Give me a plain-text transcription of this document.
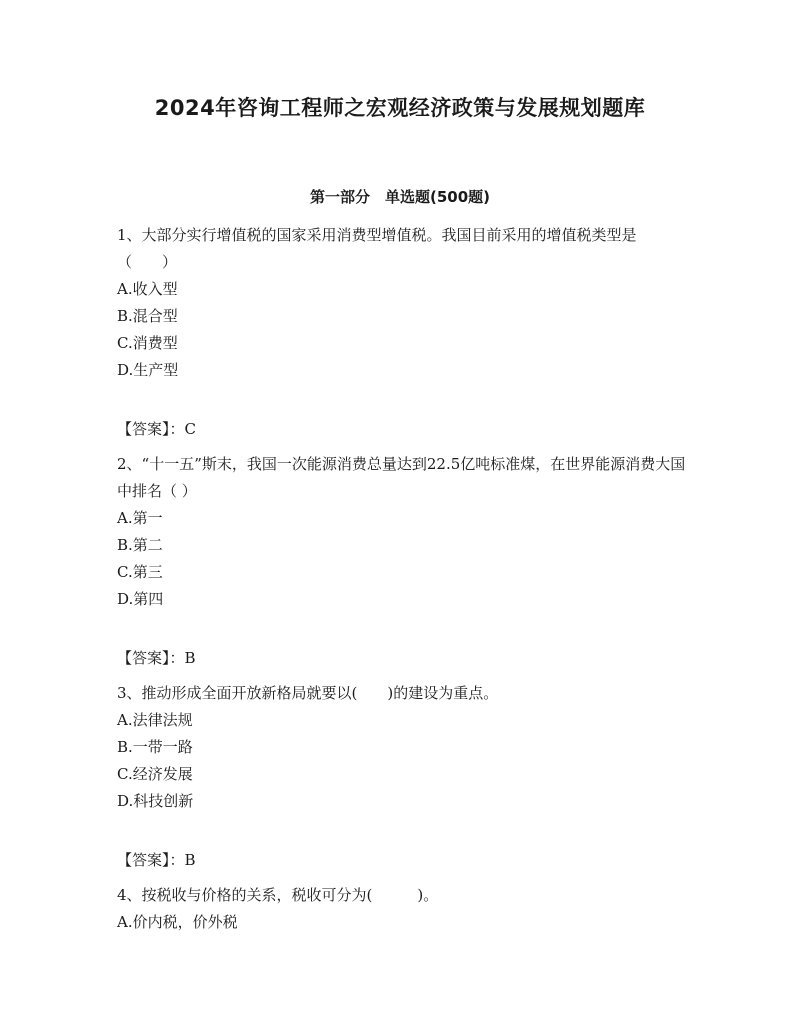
2024年咨询工程师之宏观经济政策与发展规划题库
第一部分　单选题(500题)
1、大部分实行增值税的国家采用消费型增值税。我国目前采用的增值税类型是（　　）
A.收入型
B.混合型
C.消费型
D.生产型
【答案】：C
2、“十一五”斯末，我国一次能源消费总量达到22.5亿吨标准煤，在世界能源消费大国中排名（ ）
A.第一
B.第二
C.第三
D.第四
【答案】：B
3、推动形成全面开放新格局就要以(　　)的建设为重点。
A.法律法规
B.一带一路
C.经济发展
D.科技创新
【答案】：B
4、按税收与价格的关系，税收可分为(　　　)。
A.价内税，价外税
